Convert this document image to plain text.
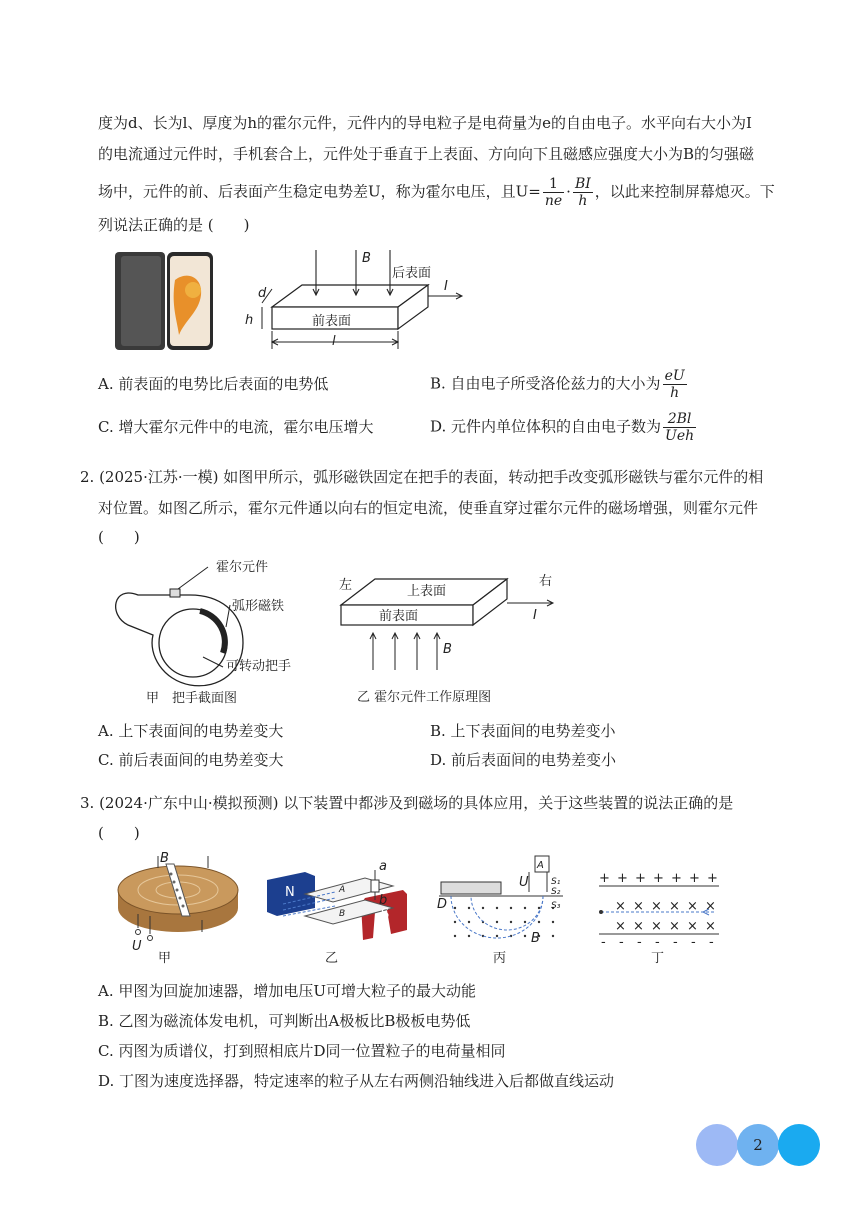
度为d、长为l、厚度为h的霍尔元件，元件内的导电粒子是电荷量为e的自由电子。水平向右大小为I
的电流通过元件时，手机套合上，元件处于垂直于上表面、方向向下且磁感应强度大小为B的匀强磁
场中，元件的前、后表面产生稳定电势差U，称为霍尔电压，且$U= \frac{1}{ne} \cdot \frac{BI}{h}$ ，以此来控制屏幕熄灭。下
列说法正确的是 (　　)
B
后表面
前表面
I
d
h
l
A. 前表面的电势比后表面的电势低	B. 自由电子所受洛伦兹力的大小为 $\frac{eU}{h}$
C. 增大霍尔元件中的电流，霍尔电压增大	D. 元件内单位体积的自由电子数为 $\frac{2Bl}{\text{Ueh}}$
2. (2025·江苏·一模) 如图甲所示，弧形磁铁固定在把手的表面，转动把手改变弧形磁铁与霍尔元件的相
对位置。如图乙所示，霍尔元件通以向右的恒定电流，使垂直穿过霍尔元件的磁场增强，则霍尔元件
(　　)
霍尔元件
弧形磁铁
可转动把手
甲　把手截面图
左	右
上表面
前表面	I
B
乙 霍尔元件工作原理图
A. 上下表面间的电势差变大	B. 上下表面间的电势差变小
C. 前后表面间的电势差变大	D. 前后表面间的电势差变小
3. (2024·广东中山·模拟预测) 以下装置中都涉及到磁场的具体应用，关于这些装置的说法正确的是
(　　)
B
U
甲
N
S
A
B
a
b
乙
D
U
A
S₁
S₂
S₃
B
丙
+ + + + + + +
× × × × × ×
× × × × × ×
- - - - - - -
丁
A. 甲图为回旋加速器，增加电压U可增大粒子的最大动能
B. 乙图为磁流体发电机，可判断出A极板比B极板电势低
C. 丙图为质谱仪，打到照相底片D同一位置粒子的电荷量相同
D. 丁图为速度选择器，特定速率的粒子从左右两侧沿轴线进入后都做直线运动
2
